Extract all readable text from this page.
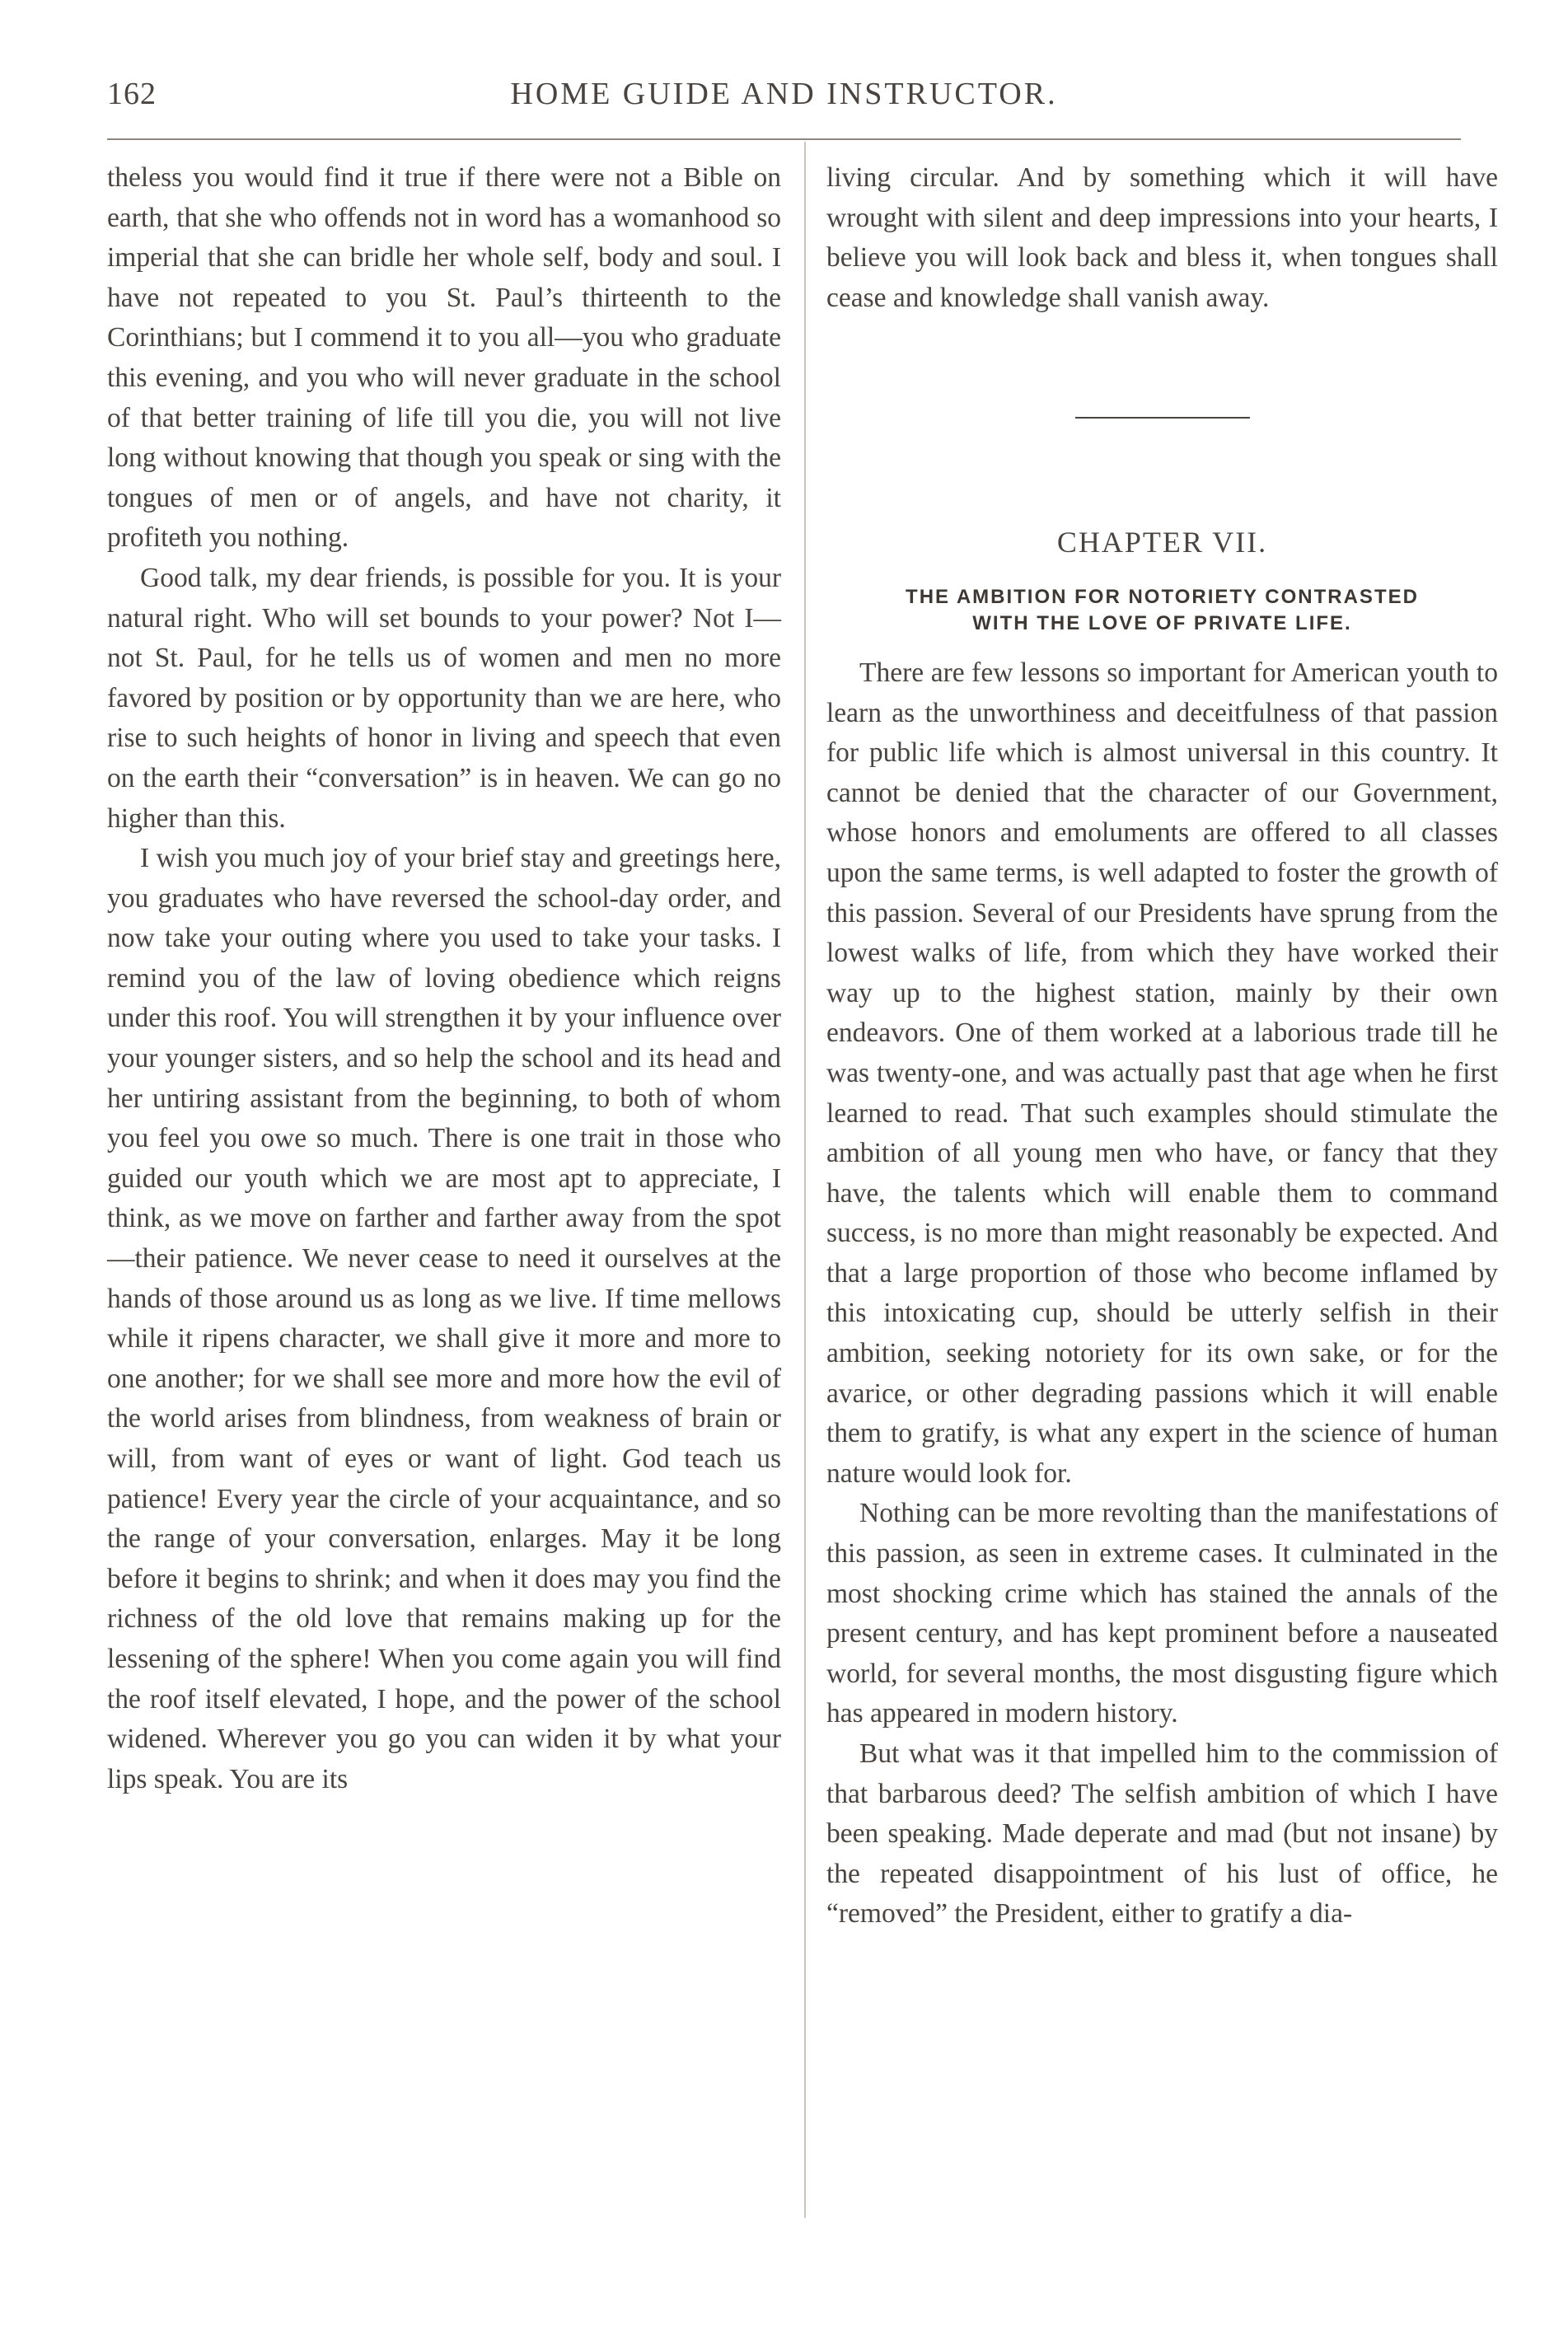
162	HOME GUIDE AND INSTRUCTOR.

theless you would find it true if there were not a Bible on earth, that she who offends not in word has a womanhood so imperial that she can bridle her whole self, body and soul. I have not repeated to you St. Paul’s thirteenth to the Corinthians; but I commend it to you all—you who graduate this evening, and you who will never graduate in the school of that better training of life till you die, you will not live long without knowing that though you speak or sing with the tongues of men or of angels, and have not charity, it profiteth you nothing.

Good talk, my dear friends, is possible for you. It is your natural right. Who will set bounds to your power? Not I—not St. Paul, for he tells us of women and men no more favored by position or by opportunity than we are here, who rise to such heights of honor in living and speech that even on the earth their “conversation” is in heaven. We can go no higher than this.

I wish you much joy of your brief stay and greetings here, you graduates who have reversed the school-day order, and now take your outing where you used to take your tasks. I remind you of the law of loving obedience which reigns under this roof. You will strengthen it by your influence over your younger sisters, and so help the school and its head and her untiring assistant from the beginning, to both of whom you feel you owe so much. There is one trait in those who guided our youth which we are most apt to appreciate, I think, as we move on farther and farther away from the spot —their patience. We never cease to need it ourselves at the hands of those around us as long as we live. If time mellows while it ripens character, we shall give it more and more to one another; for we shall see more and more how the evil of the world arises from blindness, from weakness of brain or will, from want of eyes or want of light. God teach us patience! Every year the circle of your acquaintance, and so the range of your conversation, enlarges. May it be long before it begins to shrink; and when it does may you find the richness of the old love that remains making up for the lessening of the sphere! When you come again you will find the roof itself elevated, I hope, and the power of the school widened. Wherever you go you can widen it by what your lips speak. You are its

living circular. And by something which it will have wrought with silent and deep impressions into your hearts, I believe you will look back and bless it, when tongues shall cease and knowledge shall vanish away.

CHAPTER VII.
THE AMBITION FOR NOTORIETY CONTRASTED
WITH THE LOVE OF PRIVATE LIFE.

There are few lessons so important for American youth to learn as the unworthiness and deceitfulness of that passion for public life which is almost universal in this country. It cannot be denied that the character of our Government, whose honors and emoluments are offered to all classes upon the same terms, is well adapted to foster the growth of this passion. Several of our Presidents have sprung from the lowest walks of life, from which they have worked their way up to the highest station, mainly by their own endeavors. One of them worked at a laborious trade till he was twenty-one, and was actually past that age when he first learned to read. That such examples should stimulate the ambition of all young men who have, or fancy that they have, the talents which will enable them to command success, is no more than might reasonably be expected. And that a large proportion of those who become inflamed by this intoxicating cup, should be utterly selfish in their ambition, seeking notoriety for its own sake, or for the avarice, or other degrading passions which it will enable them to gratify, is what any expert in the science of human nature would look for.

Nothing can be more revolting than the manifestations of this passion, as seen in extreme cases. It culminated in the most shocking crime which has stained the annals of the present century, and has kept prominent before a nauseated world, for several months, the most disgusting figure which has appeared in modern history.

But what was it that impelled him to the commission of that barbarous deed? The selfish ambition of which I have been speaking. Made deperate and mad (but not insane) by the repeated disappointment of his lust of office, he “removed” the President, either to gratify a dia-
